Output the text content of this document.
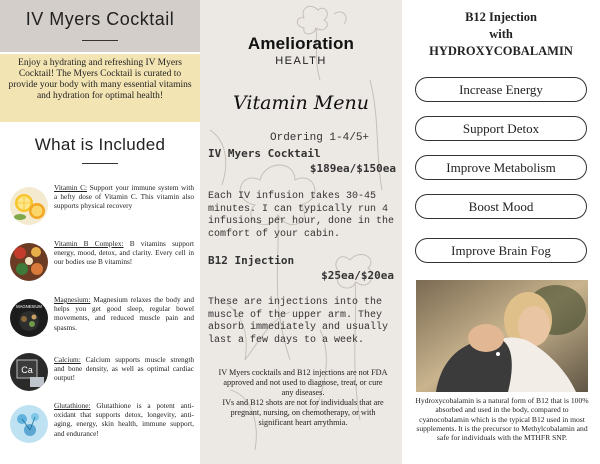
IV Myers Cocktail
Enjoy a hydrating and refreshing IV Myers Cocktail! The Myers Cocktail is curated to provide your body with many essential vitamins and hydration for optimal health!
What is Included
Vitamin C: Support your immune system with a hefty dose of Vitamin C. This vitamin also supports physical recovery
Vitamin B Complex: B vitamins support energy, mood, detox, and clarity. Every cell in our bodies use B vitamins!
MAGNESIUM
Magnesium: Magnesium relaxes the body and helps you get good sleep, regular bowel movements, and reduced muscle pain and spasms.
Ca
Calcium: Calcium supports muscle strength and bone density, as well as optimal cardiac output!
Glutathione: Glutathione is a potent anti-oxidant that supports detox, longevity, anti-aging, energy, skin health, immune support, and endurance!
Amelioration
HEALTH
Vitamin Menu
Ordering 1-4/5+
IV Myers Cocktail
$189ea/$150ea
Each IV infusion takes 30-45 minutes. I can typically run 4 infusions per hour, done in the comfort of your cabin.
B12 Injection
$25ea/$20ea
These are injections into the muscle of the upper arm. They absorb immediately and usually last a few days to a week.
IV Myers cocktails and B12 injections are not FDA approved and not used to diagnose, treat, or cure any diseases.
IVs and B12 shots are not for individuals that are pregnant, nursing, on chemotherapy, or with significant heart arrythmia.
B12 Injection
with
HYDROXYCOBALAMIN
Increase Energy
Support Detox
Improve Metabolism
Boost Mood
Improve Brain Fog
Hydroxycobalamin is a natural form of B12 that is 100% absorbed and used in the body, compared to cyanocobalamin which is the typical B12 used in most supplements. It is the precursor to Methylcobalamin and safe for individuals with the MTHFR SNP.
